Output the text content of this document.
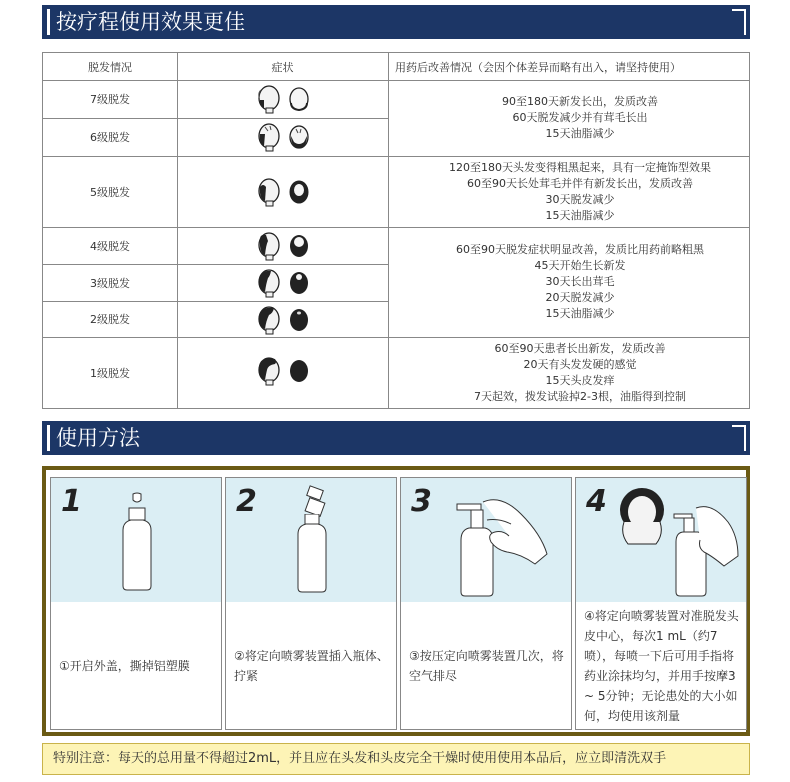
按疗程使用效果更佳
脱发情况	症状	用药后改善情况（会因个体差异而略有出入，请坚持使用）
7级脱发
6级脱发
5级脱发
4级脱发
3级脱发
2级脱发
1级脱发
90至180天新发长出，发质改善
60天脱发减少并有茸毛长出
15天油脂减少
120至180天头发变得粗黑起来，具有一定掩饰型效果
60至90天长处茸毛并伴有新发长出，发质改善
30天脱发减少
15天油脂减少
60至90天脱发症状明显改善，发质比用药前略粗黑
45天开始生长新发
30天长出茸毛
20天脱发减少
15天油脂减少
60至90天患者长出新发，发质改善
20天有头发发硬的感觉
15天头皮发痒
7天起效，拨发试验掉2-3根，油脂得到控制
使用方法
1
①开启外盖，撕掉铝塑膜
2
②将定向喷雾装置插入瓶体、拧紧
3
③按压定向喷雾装置几次，将空气排尽
4
④将定向喷雾装置对准脱发头皮中心，每次1 mL（约7喷），每喷一下后可用手指将药业涂抹均匀，并用手按摩3 ~ 5分钟；无论患处的大小如何，均使用该剂量
特别注意：每天的总用量不得超过2mL，并且应在头发和头皮完全干燥时使用使用本品后，应立即清洗双手
